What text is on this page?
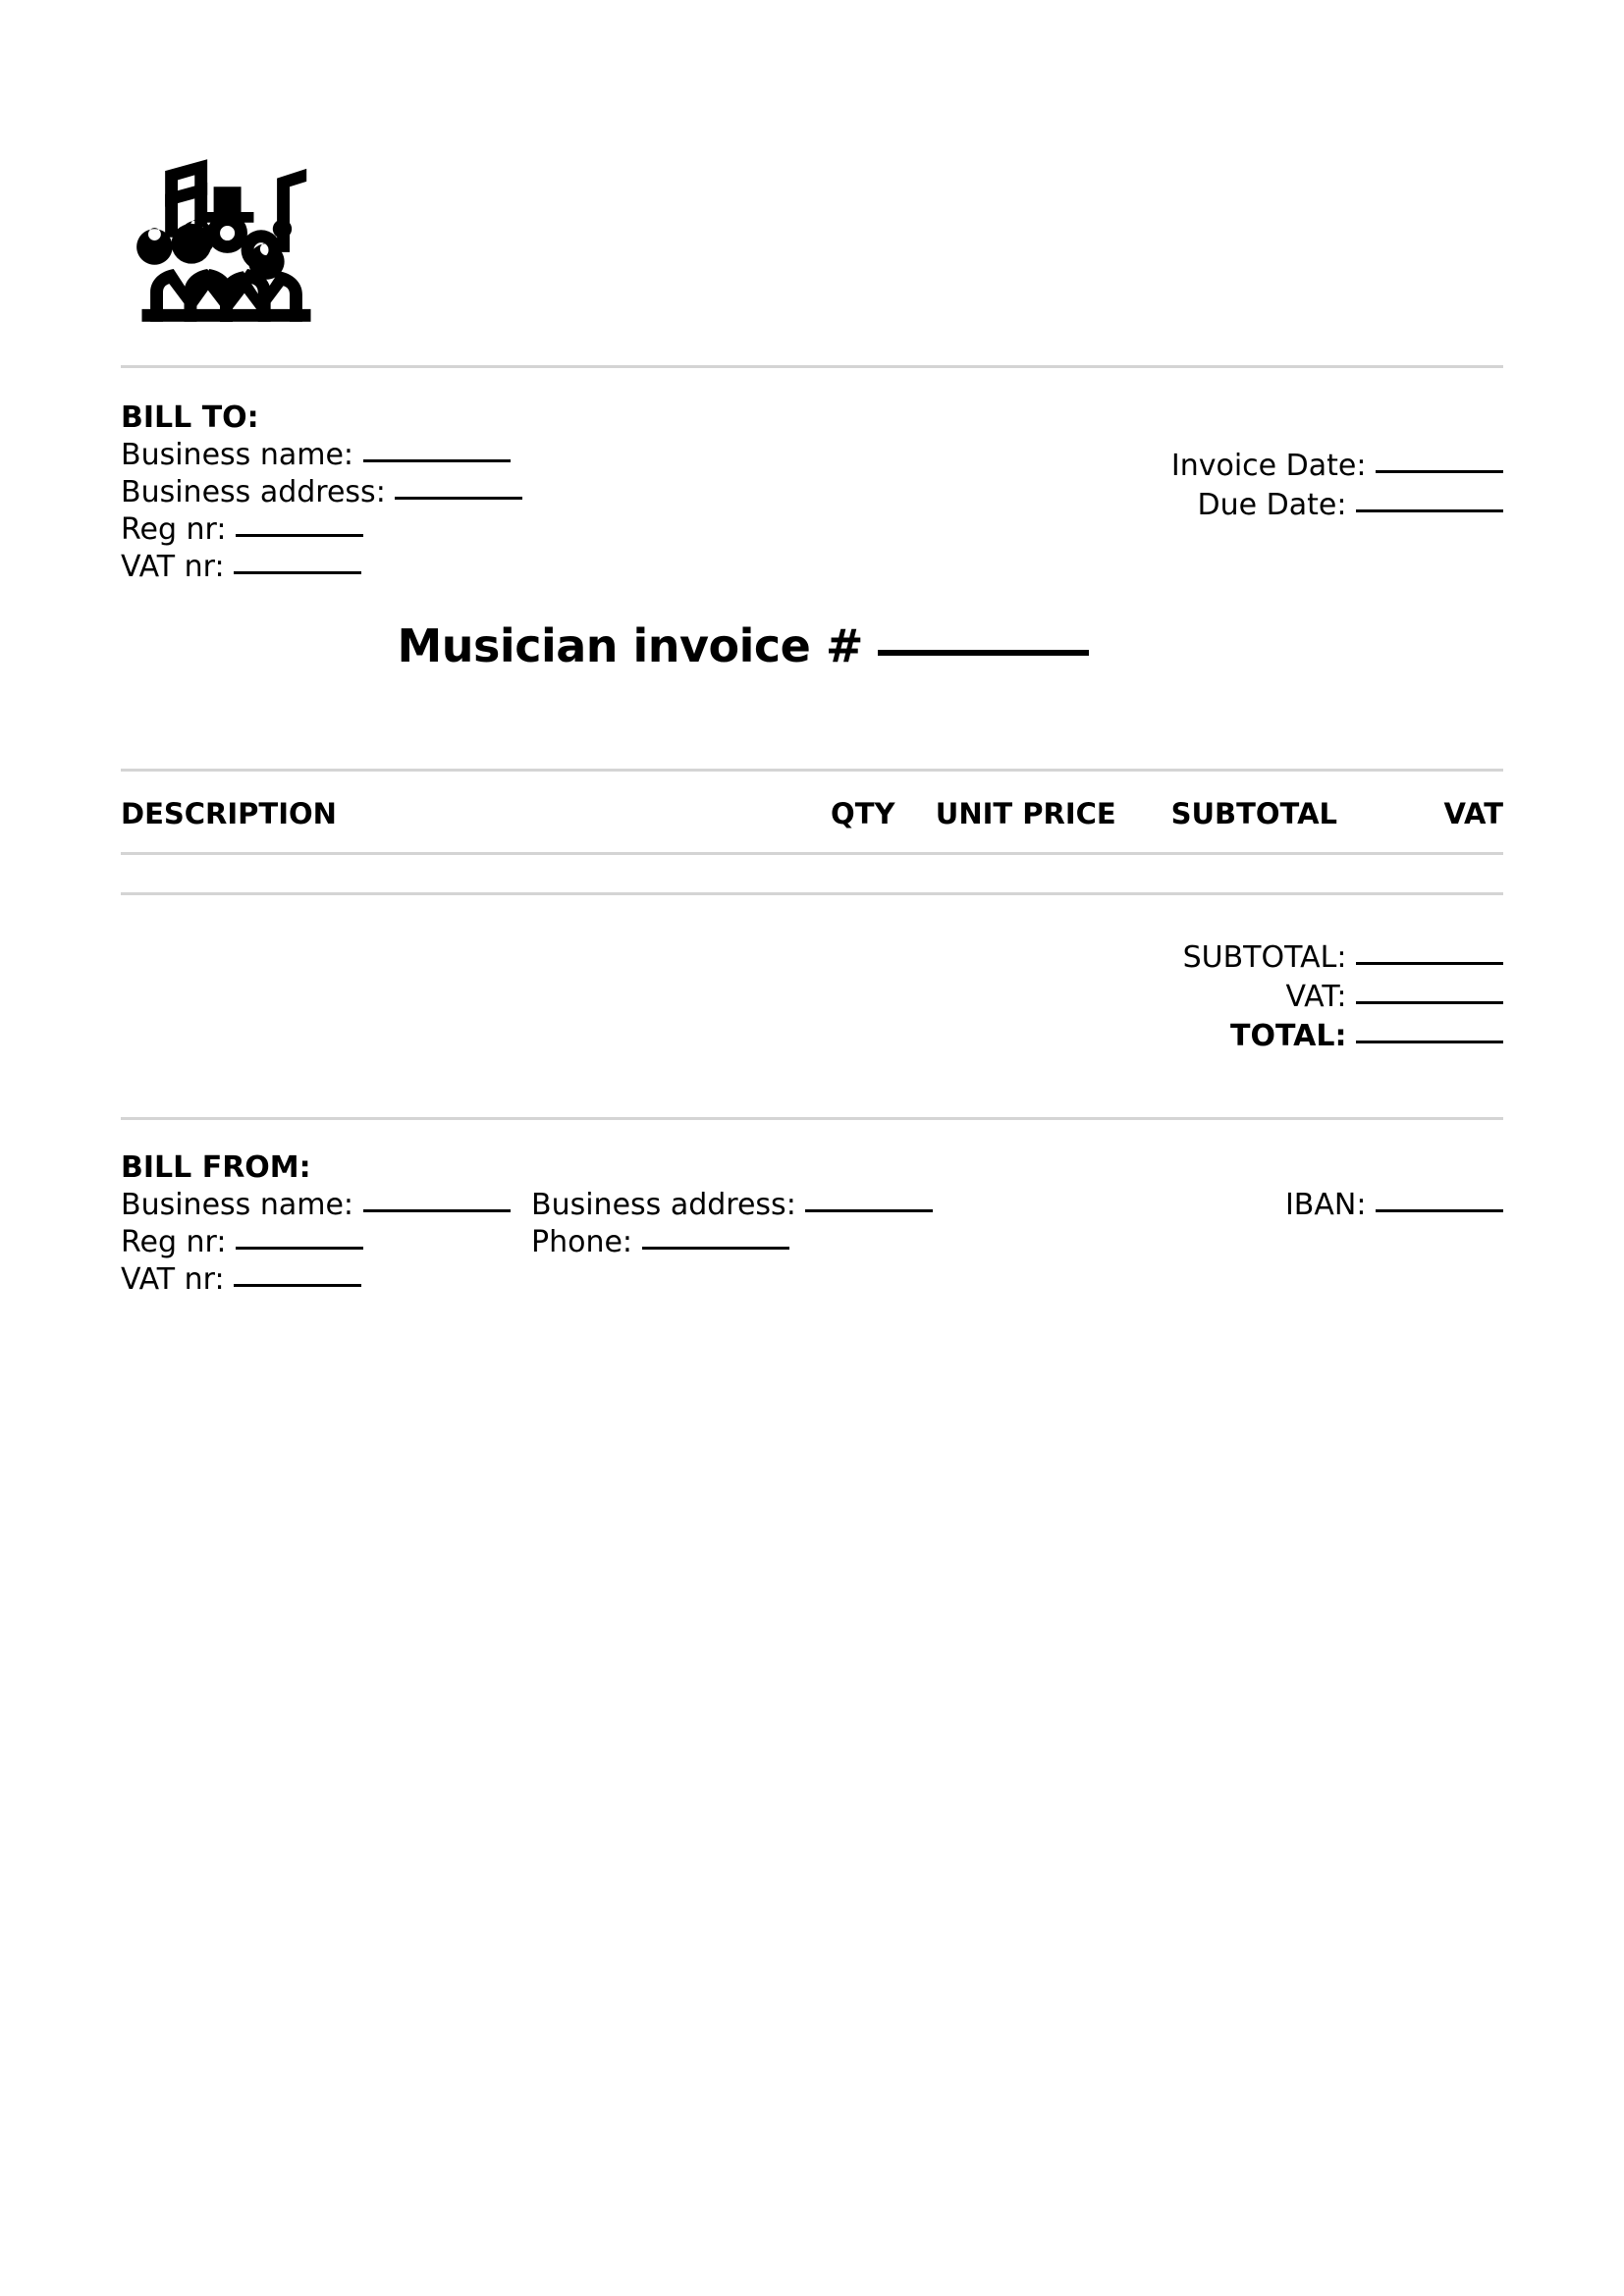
BILL TO:
Business name:
Business address:
Reg nr:
VAT nr:
Invoice Date:
Due Date:
Musician invoice #
DESCRIPTION	QTY	UNIT PRICE	SUBTOTAL	VAT

SUBTOTAL:
VAT:
TOTAL:
BILL FROM:
Business name:
Reg nr:
VAT nr:
Business address:
Phone:
IBAN:
